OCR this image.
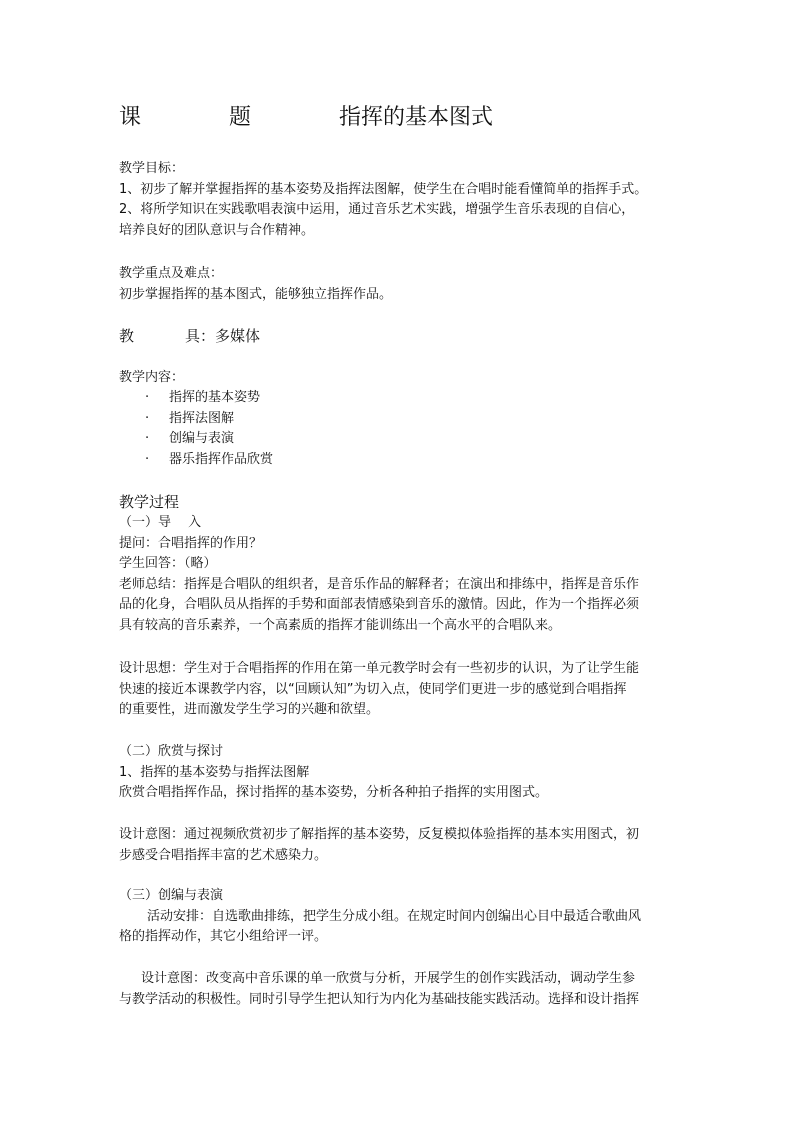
课	题	指挥的基本图式
教学目标：
1、初步了解并掌握指挥的基本姿势及指挥法图解，使学生在合唱时能看懂简单的指挥手式。
2、将所学知识在实践歌唱表演中运用，通过音乐艺术实践，增强学生音乐表现的自信心，
培养良好的团队意识与合作精神。
教学重点及难点：
初步掌握指挥的基本图式，能够独立指挥作品。
教	具：多媒体
教学内容：
· 指挥的基本姿势
· 指挥法图解
· 创编与表演
· 器乐指挥作品欣赏
教学过程
（一）导　 入
提问：合唱指挥的作用？
学生回答：（略）
老师总结：指挥是合唱队的组织者，是音乐作品的解释者；在演出和排练中，指挥是音乐作
品的化身，合唱队员从指挥的手势和面部表情感染到音乐的激情。因此，作为一个指挥必须
具有较高的音乐素养，一个高素质的指挥才能训练出一个高水平的合唱队来。
设计思想：学生对于合唱指挥的作用在第一单元教学时会有一些初步的认识，为了让学生能
快速的接近本课教学内容，以“回顾认知”为切入点，使同学们更进一步的感觉到合唱指挥
的重要性，进而激发学生学习的兴趣和欲望。
（二）欣赏与探讨
1、指挥的基本姿势与指挥法图解
欣赏合唱指挥作品，探讨指挥的基本姿势，分析各种拍子指挥的实用图式。
设计意图：通过视频欣赏初步了解指挥的基本姿势，反复模拟体验指挥的基本实用图式，初
步感受合唱指挥丰富的艺术感染力。
（三）创编与表演
活动安排：自选歌曲排练，把学生分成小组。在规定时间内创编出心目中最适合歌曲风
格的指挥动作，其它小组给评一评。
设计意图：改变高中音乐课的单一欣赏与分析，开展学生的创作实践活动，调动学生参
与教学活动的积极性。同时引导学生把认知行为内化为基础技能实践活动。选择和设计指挥
